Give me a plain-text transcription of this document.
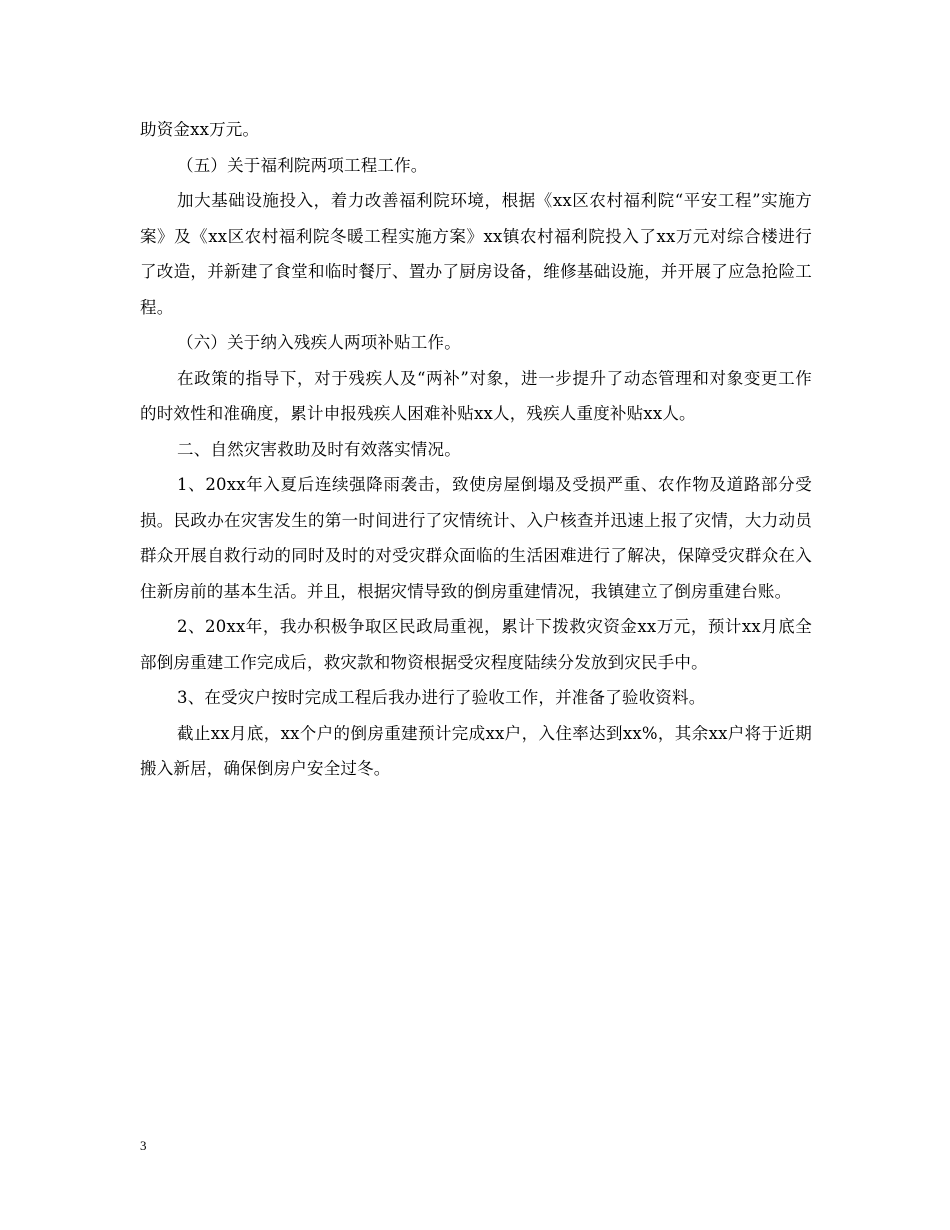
助资金xx万元。

（五）关于福利院两项工程工作。

加大基础设施投入，着力改善福利院环境，根据《xx区农村福利院“平安工程”实施方案》及《xx区农村福利院冬暖工程实施方案》xx镇农村福利院投入了xx万元对综合楼进行了改造，并新建了食堂和临时餐厅、置办了厨房设备，维修基础设施，并开展了应急抢险工程。

（六）关于纳入残疾人两项补贴工作。

在政策的指导下，对于残疾人及“两补”对象，进一步提升了动态管理和对象变更工作的时效性和准确度，累计申报残疾人困难补贴xx人，残疾人重度补贴xx人。

二、自然灾害救助及时有效落实情况。

1、20xx年入夏后连续强降雨袭击，致使房屋倒塌及受损严重、农作物及道路部分受损。民政办在灾害发生的第一时间进行了灾情统计、入户核查并迅速上报了灾情，大力动员群众开展自救行动的同时及时的对受灾群众面临的生活困难进行了解决，保障受灾群众在入住新房前的基本生活。并且，根据灾情导致的倒房重建情况，我镇建立了倒房重建台账。

2、20xx年，我办积极争取区民政局重视，累计下拨救灾资金xx万元，预计xx月底全部倒房重建工作完成后，救灾款和物资根据受灾程度陆续分发放到灾民手中。

3、在受灾户按时完成工程后我办进行了验收工作，并准备了验收资料。

截止xx月底，xx个户的倒房重建预计完成xx户，入住率达到xx%，其余xx户将于近期搬入新居，确保倒房户安全过冬。

3
